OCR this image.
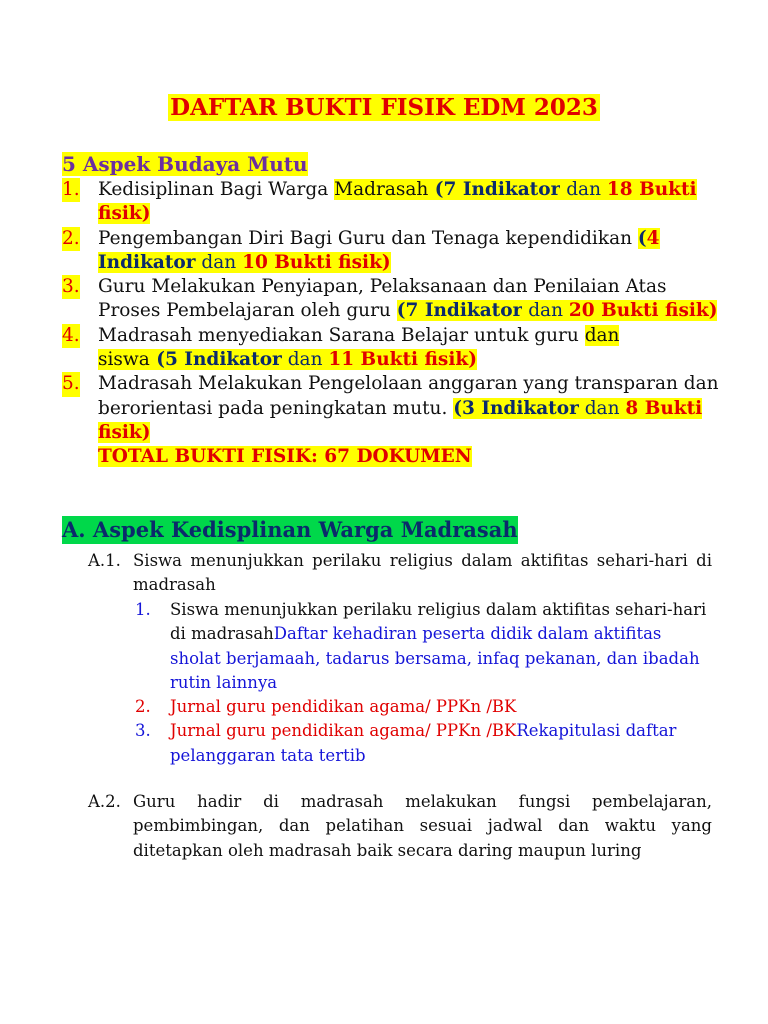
DAFTAR BUKTI FISIK EDM 2023
5 Aspek Budaya Mutu
1. Kedisiplinan Bagi Warga Madrasah (7 Indikator dan 18 Bukti fisik)
2. Pengembangan Diri Bagi Guru dan Tenaga kependidikan (4 Indikator dan 10 Bukti fisik)
3. Guru Melakukan Penyiapan, Pelaksanaan dan Penilaian Atas Proses Pembelajaran oleh guru (7 Indikator dan 20 Bukti fisik)
4. Madrasah menyediakan Sarana Belajar untuk guru dan
siswa (5 Indikator dan 11 Bukti fisik)
5. Madrasah Melakukan Pengelolaan anggaran yang transparan dan berorientasi pada peningkatan mutu. (3 Indikator dan 8 Bukti fisik)
TOTAL BUKTI FISIK: 67 DOKUMEN
A. Aspek Kedisplinan Warga Madrasah
A.1. Siswa menunjukkan perilaku religius dalam aktifitas sehari-hari di madrasah
1. Siswa menunjukkan perilaku religius dalam aktifitas sehari-hari di madrasahDaftar kehadiran peserta didik dalam aktifitas sholat berjamaah, tadarus bersama, infaq pekanan, dan ibadah rutin lainnya
2. Jurnal guru pendidikan agama/ PPKn /BK
3. Jurnal guru pendidikan agama/ PPKn /BKRekapitulasi daftar pelanggaran tata tertib
A.2. Guru hadir di madrasah melakukan fungsi pembelajaran, pembimbingan, dan pelatihan sesuai jadwal dan waktu yang ditetapkan oleh madrasah baik secara daring maupun luring
